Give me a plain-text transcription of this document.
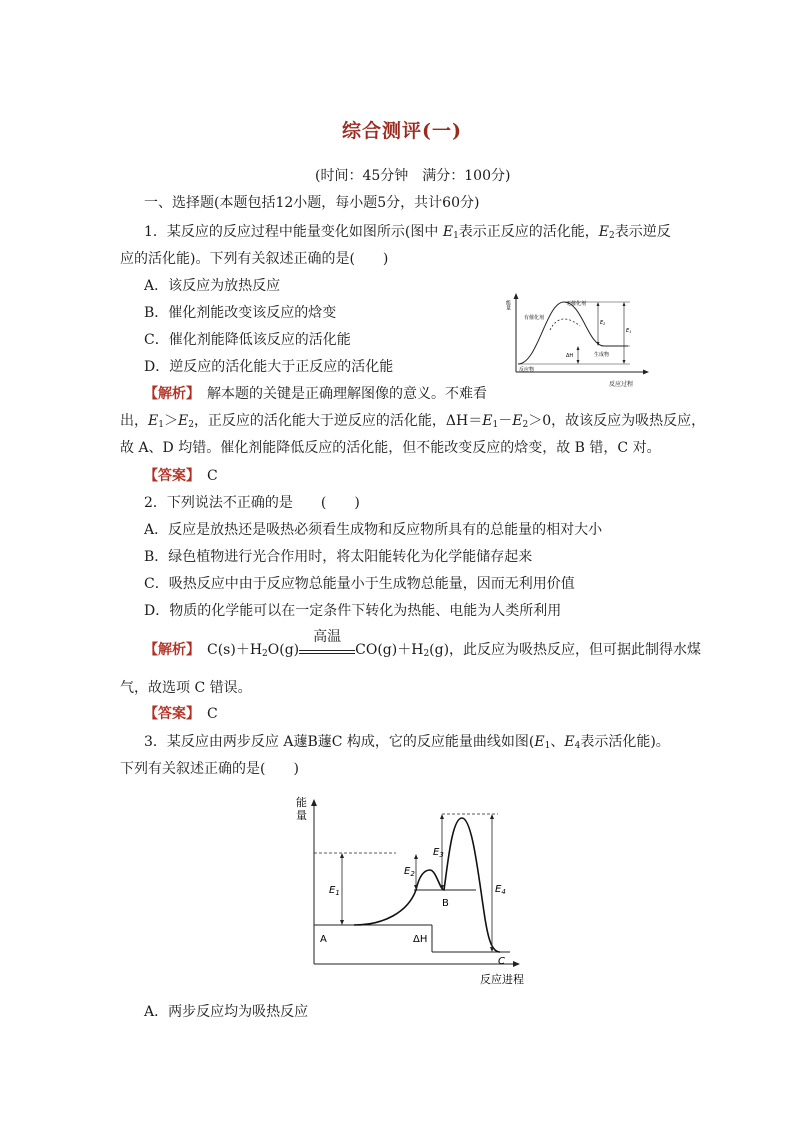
综合测评(一)
(时间：45分钟　满分：100分)
一、选择题(本题包括12小题，每小题5分，共计60分)
1．某反应的反应过程中能量变化如图所示(图中 $E_1$表示正反应的活化能，$E_2$表示逆反
应的活化能)。下列有关叙述正确的是(　　)
A．该反应为放热反应
B．催化剂能改变该反应的焓变
C．催化剂能降低该反应的活化能
D．逆反应的活化能大于正反应的活化能
能量
反应过程
无催化剂
有催化剂
$E_1$
$E_2$
ΔH	生成物
反应物
【解析】　解本题的关键是正确理解图像的意义。不难看
出，$E_1>E_2$，正反应的活化能大于逆反应的活化能，$\Delta H=E_1-E_2>0$，故该反应为吸热反应，
故 A、D 均错。催化剂能降低反应的活化能，但不能改变反应的焓变，故 B 错，C 对。
【答案】　 C
2．下列说法不正确的是　　(　　)
A．反应是放热还是吸热必须看生成物和反应物所具有的总能量的相对大小
B．绿色植物进行光合作用时，将太阳能转化为化学能储存起来
C．吸热反应中由于反应物总能量小于生成物总能量，因而无利用价值
D．物质的化学能可以在一定条件下转化为热能、电能为人类所利用
【解析】　 $C(s)+H_2O(g)$
高温
$CO(g)+H_2(g)$，此反应为吸热反应，但可据此制得水煤
气，故选项 C 错误。
【答案】　 C
3．某反应由两步反应 A蘧B蘧C 构成，它的反应能量曲线如图($E_1$、$E_4$表示活化能)。
下列有关叙述正确的是(　　)
能
量
反应进程
$E_1$
$E_2$
$E_3$
$E_4$
A
B
C
ΔH
A．两步反应均为吸热反应
